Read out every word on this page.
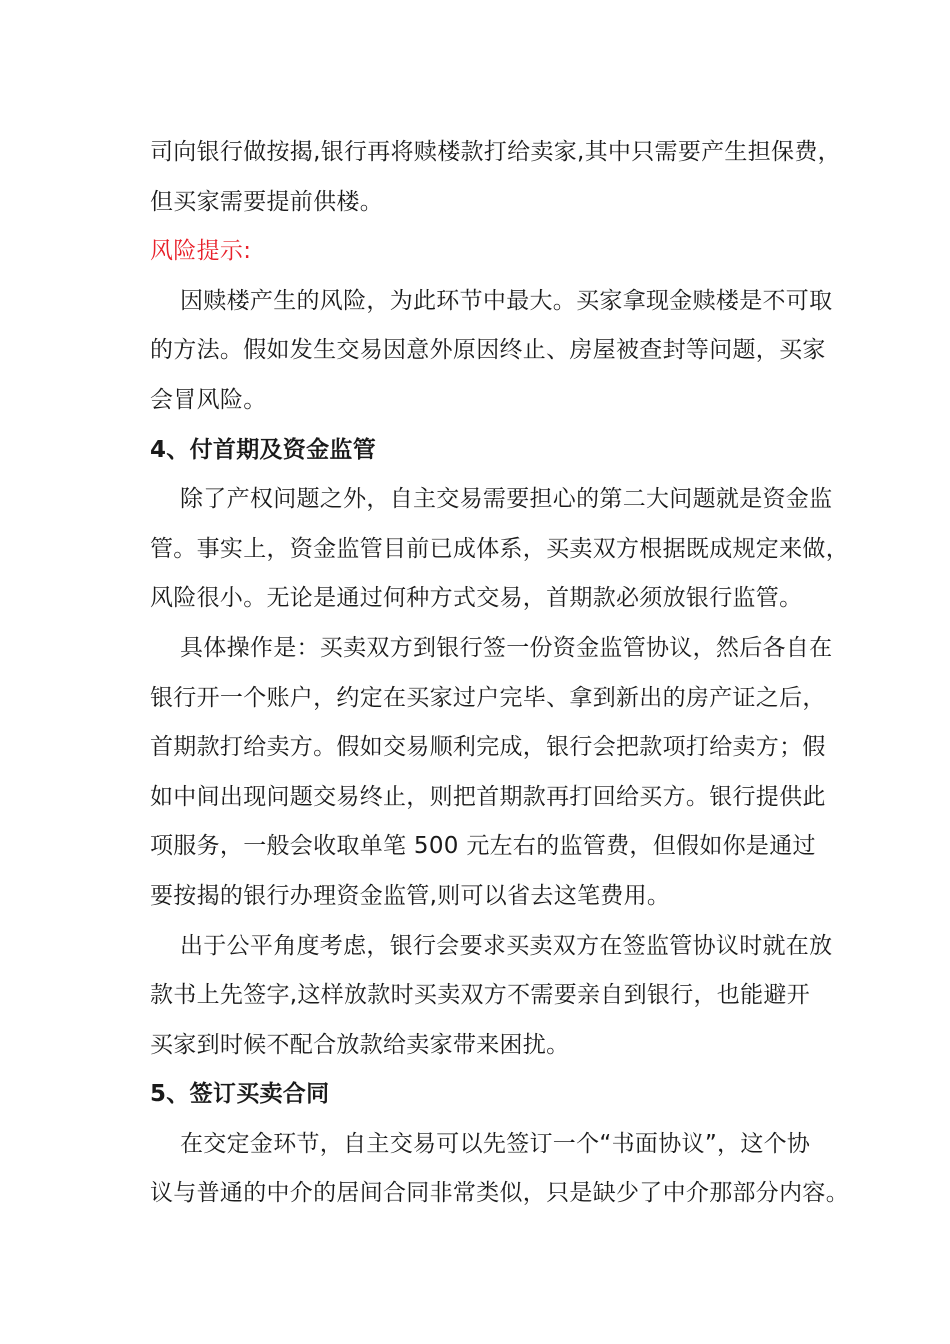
司向银行做按揭,银行再将赎楼款打给卖家,其中只需要产生担保费，
但买家需要提前供楼。
风险提示:
因赎楼产生的风险，为此环节中最大。买家拿现金赎楼是不可取
的方法。假如发生交易因意外原因终止、房屋被查封等问题，买家
会冒风险。
4、付首期及资金监管
除了产权问题之外，自主交易需要担心的第二大问题就是资金监
管。事实上，资金监管目前已成体系，买卖双方根据既成规定来做，
风险很小。无论是通过何种方式交易，首期款必须放银行监管。
具体操作是：买卖双方到银行签一份资金监管协议，然后各自在
银行开一个账户，约定在买家过户完毕、拿到新出的房产证之后，
首期款打给卖方。假如交易顺利完成，银行会把款项打给卖方；假
如中间出现问题交易终止，则把首期款再打回给买方。银行提供此
项服务，一般会收取单笔 500 元左右的监管费，但假如你是通过
要按揭的银行办理资金监管,则可以省去这笔费用。
出于公平角度考虑，银行会要求买卖双方在签监管协议时就在放
款书上先签字,这样放款时买卖双方不需要亲自到银行，也能避开
买家到时候不配合放款给卖家带来困扰。
5、签订买卖合同
在交定金环节，自主交易可以先签订一个“书面协议”，这个协
议与普通的中介的居间合同非常类似，只是缺少了中介那部分内容。
